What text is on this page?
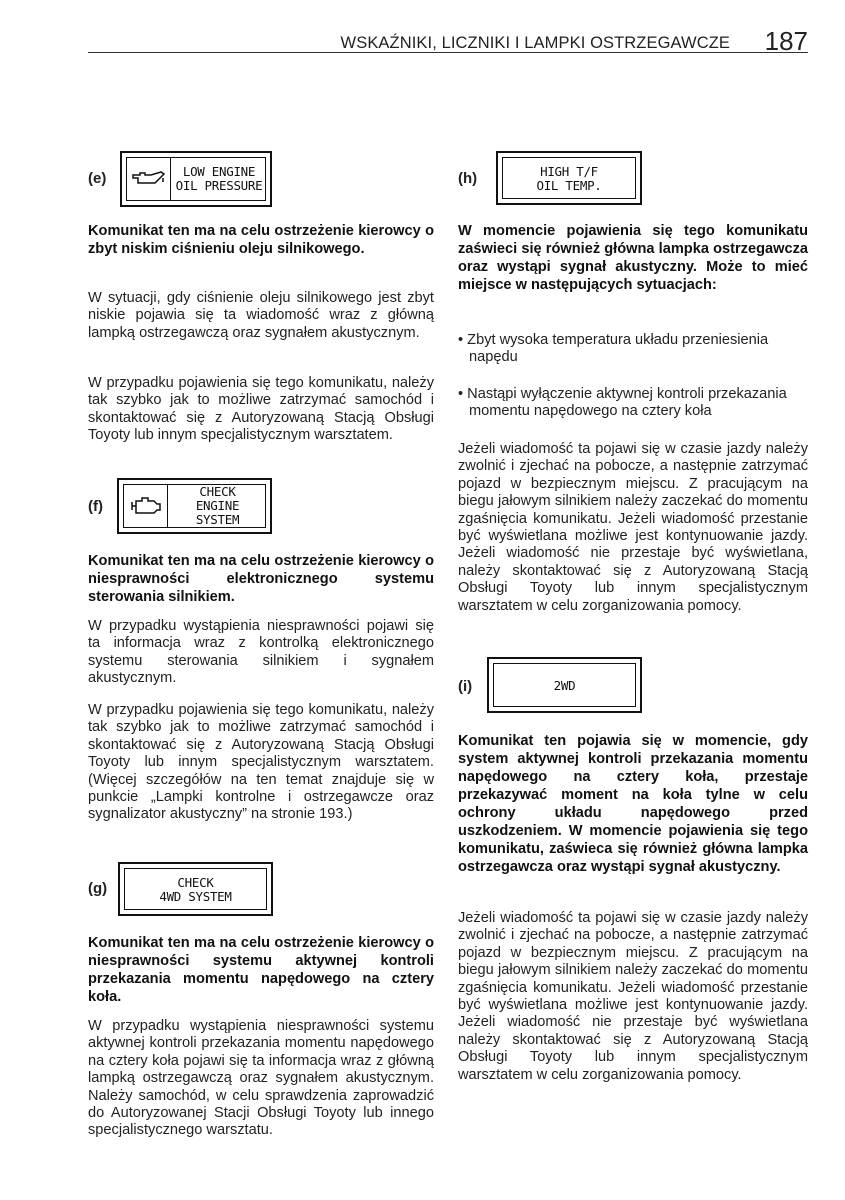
WSKAŹNIKI, LICZNIKI I LAMPKI OSTRZEGAWCZE 187
(e)	LOW ENGINE
OIL PRESSURE

Komunikat ten ma na celu ostrzeżenie kierowcy o zbyt niskim ciśnieniu oleju silnikowego.

W sytuacji, gdy ciśnienie oleju silnikowego jest zbyt niskie pojawia się ta wiadomość wraz z główną lampką ostrzegawczą oraz sygnałem akustycznym.

W przypadku pojawienia się tego komunikatu, należy tak szybko jak to możliwe zatrzymać samochód i skontaktować się z Autoryzowaną Stacją Obsługi Toyoty lub innym specjalistycznym warsztatem.

(f)
CHECK
ENGINE
SYSTEM

Komunikat ten ma na celu ostrzeżenie kierowcy o niesprawności elektronicznego systemu sterowania silnikiem.

W przypadku wystąpienia niesprawności pojawi się ta informacja wraz z kontrolką elektronicznego systemu sterowania silnikiem i sygnałem akustycznym.

W przypadku pojawienia się tego komunikatu, należy tak szybko jak to możliwe zatrzymać samochód i skontaktować się z Autoryzowaną Stacją Obsługi Toyoty lub innym specjalistycznym warsztatem. (Więcej szczegółów na ten temat znajduje się w punkcie „Lampki kontrolne i ostrzegawcze oraz sygnalizator akustyczny” na stronie 193.)

(g)	CHECK
4WD SYSTEM

Komunikat ten ma na celu ostrzeżenie kierowcy o niesprawności systemu aktywnej kontroli przekazania momentu napędowego na cztery koła.

W przypadku wystąpienia niesprawności systemu aktywnej kontroli przekazania momentu napędowego na cztery koła pojawi się ta informacja wraz z główną lampką ostrzegawczą oraz sygnałem akustycznym. Należy samochód, w celu sprawdzenia zaprowadzić do Autoryzowanej Stacji Obsługi Toyoty lub innego specjalistycznego warsztatu.

(h)	HIGH T/F
OIL TEMP.

W momencie pojawienia się tego komunikatu zaświeci się również główna lampka ostrzegawcza oraz wystąpi sygnał akustyczny. Może to mieć miejsce w następujących sytuacjach:

• Zbyt wysoka temperatura układu przeniesienia napędu

• Nastąpi wyłączenie aktywnej kontroli przekazania momentu napędowego na cztery koła

Jeżeli wiadomość ta pojawi się w czasie jazdy należy zwolnić i zjechać na pobocze, a następnie zatrzymać pojazd w bezpiecznym miejscu. Z pracującym na biegu jałowym silnikiem należy zaczekać do momentu zgaśnięcia komunikatu. Jeżeli wiadomość przestanie być wyświetlana możliwe jest kontynuowanie jazdy. Jeżeli wiadomość nie przestaje być wyświetlana, należy skontaktować się z Autoryzowaną Stacją Obsługi Toyoty lub innym specjalistycznym warsztatem w celu zorganizowania pomocy.

(i)	2WD

Komunikat ten pojawia się w momencie, gdy system aktywnej kontroli przekazania momentu napędowego na cztery koła, przestaje przekazywać moment na koła tylne w celu ochrony układu napędowego przed uszkodzeniem. W momencie pojawienia się tego komunikatu, zaświeca się również główna lampka ostrzegawcza oraz wystąpi sygnał akustyczny.

Jeżeli wiadomość ta pojawi się w czasie jazdy należy zwolnić i zjechać na pobocze, a następnie zatrzymać pojazd w bezpiecznym miejscu. Z pracującym na biegu jałowym silnikiem należy zaczekać do momentu zgaśnięcia komunikatu. Jeżeli wiadomość przestanie być wyświetlana możliwe jest kontynuowanie jazdy. Jeżeli wiadomość nie przestaje być wyświetlana należy skontaktować się z Autoryzowaną Stacją Obsługi Toyoty lub innym specjalistycznym warsztatem w celu zorganizowania pomocy.
